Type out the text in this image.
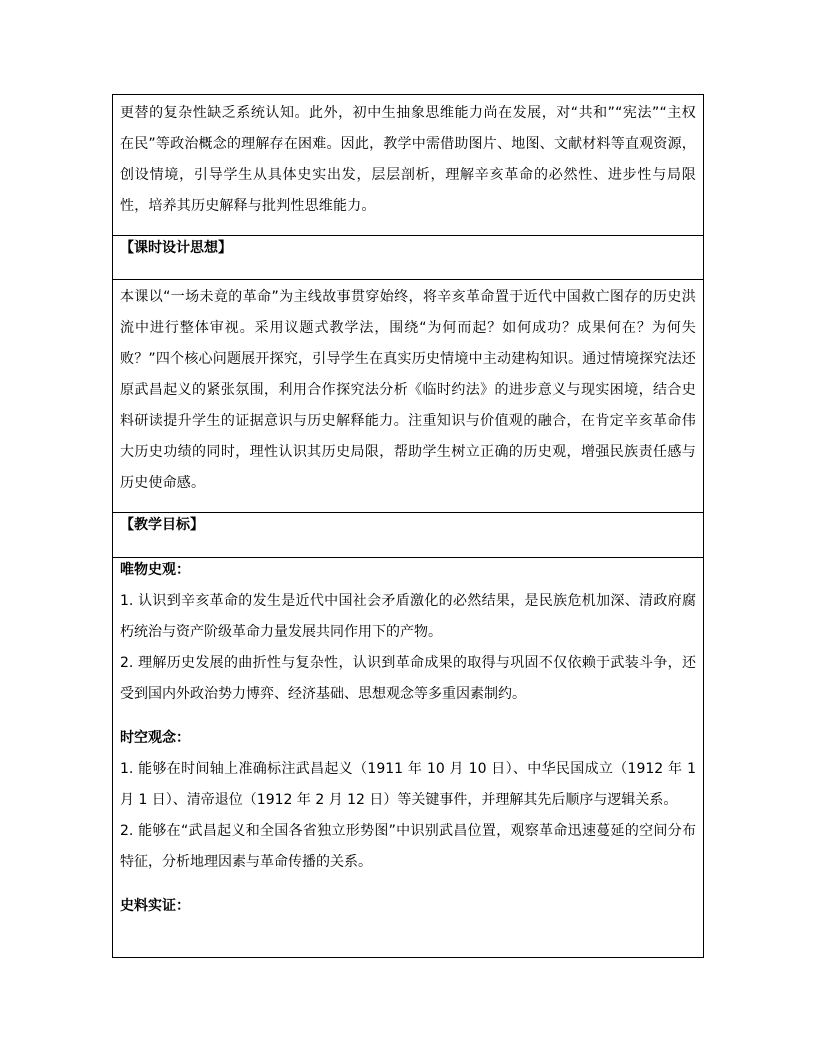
更替的复杂性缺乏系统认知。此外，初中生抽象思维能力尚在发展，对“共和”“宪法”“主权在民”等政治概念的理解存在困难。因此，教学中需借助图片、地图、文献材料等直观资源，创设情境，引导学生从具体史实出发，层层剖析，理解辛亥革命的必然性、进步性与局限性，培养其历史解释与批判性思维能力。

【课时设计思想】

本课以“一场未竟的革命”为主线故事贯穿始终，将辛亥革命置于近代中国救亡图存的历史洪流中进行整体审视。采用议题式教学法，围绕“为何而起？如何成功？成果何在？为何失败？”四个核心问题展开探究，引导学生在真实历史情境中主动建构知识。通过情境探究法还原武昌起义的紧张氛围，利用合作探究法分析《临时约法》的进步意义与现实困境，结合史料研读提升学生的证据意识与历史解释能力。注重知识与价值观的融合，在肯定辛亥革命伟大历史功绩的同时，理性认识其历史局限，帮助学生树立正确的历史观，增强民族责任感与历史使命感。

【教学目标】

唯物史观：

1. 认识到辛亥革命的发生是近代中国社会矛盾激化的必然结果，是民族危机加深、清政府腐朽统治与资产阶级革命力量发展共同作用下的产物。

2. 理解历史发展的曲折性与复杂性，认识到革命成果的取得与巩固不仅依赖于武装斗争，还受到国内外政治势力博弈、经济基础、思想观念等多重因素制约。

时空观念：

1. 能够在时间轴上准确标注武昌起义（1911 年 10 月 10 日）、中华民国成立（1912 年 1 月 1 日）、清帝退位（1912 年 2 月 12 日）等关键事件，并理解其先后顺序与逻辑关系。

2. 能够在“武昌起义和全国各省独立形势图”中识别武昌位置，观察革命迅速蔓延的空间分布特征，分析地理因素与革命传播的关系。

史料实证：
